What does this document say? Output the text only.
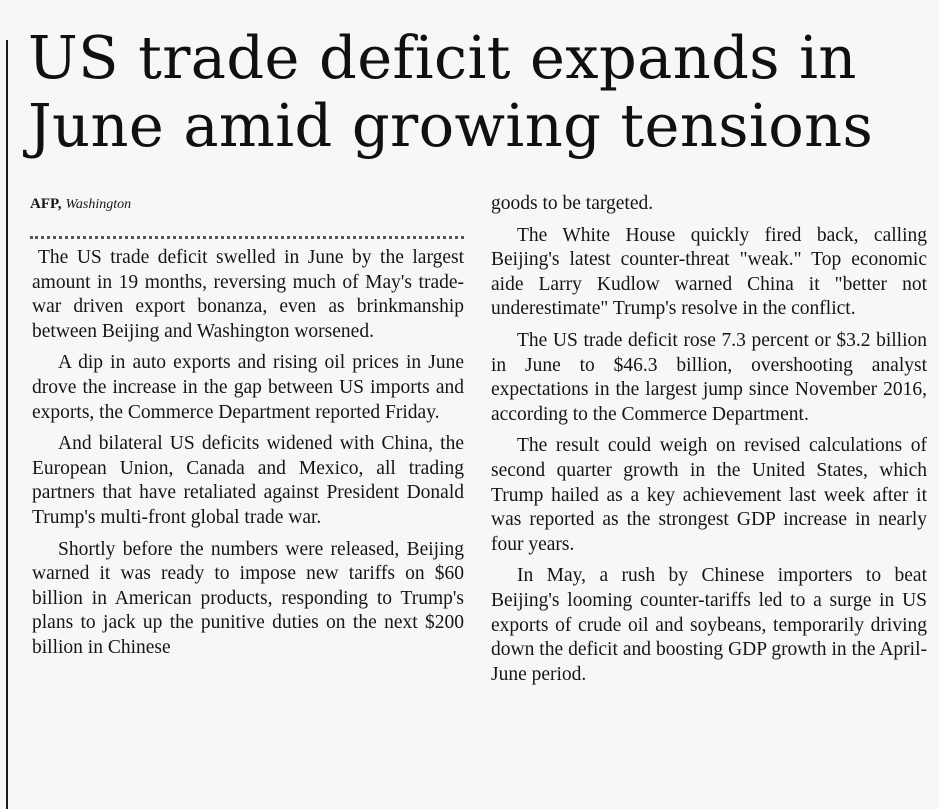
US trade deficit expands in
June amid growing tensions
AFP, Washington

The US trade deficit swelled in June by the largest amount in 19 months, reversing much of May's trade-war driven export bonanza, even as brinkmanship between Beijing and Washington worsened.

A dip in auto exports and rising oil prices in June drove the increase in the gap between US imports and exports, the Commerce Department reported Friday.

And bilateral US deficits widened with China, the European Union, Canada and Mexico, all trading partners that have retaliated against President Donald Trump's multi-front global trade war.

Shortly before the numbers were released, Beijing warned it was ready to impose new tariffs on $60 billion in American products, responding to Trump's plans to jack up the punitive duties on the next $200 billion in Chinese

goods to be targeted.

The White House quickly fired back, calling Beijing's latest counter-threat "weak." Top economic aide Larry Kudlow warned China it "better not underestimate" Trump's resolve in the conflict.

The US trade deficit rose 7.3 percent or $3.2 billion in June to $46.3 billion, overshooting analyst expectations in the largest jump since November 2016, according to the Commerce Department.

The result could weigh on revised calculations of second quarter growth in the United States, which Trump hailed as a key achievement last week after it was reported as the strongest GDP increase in nearly four years.

In May, a rush by Chinese importers to beat Beijing's looming counter-tariffs led to a surge in US exports of crude oil and soybeans, temporarily driving down the deficit and boosting GDP growth in the April-June period.
